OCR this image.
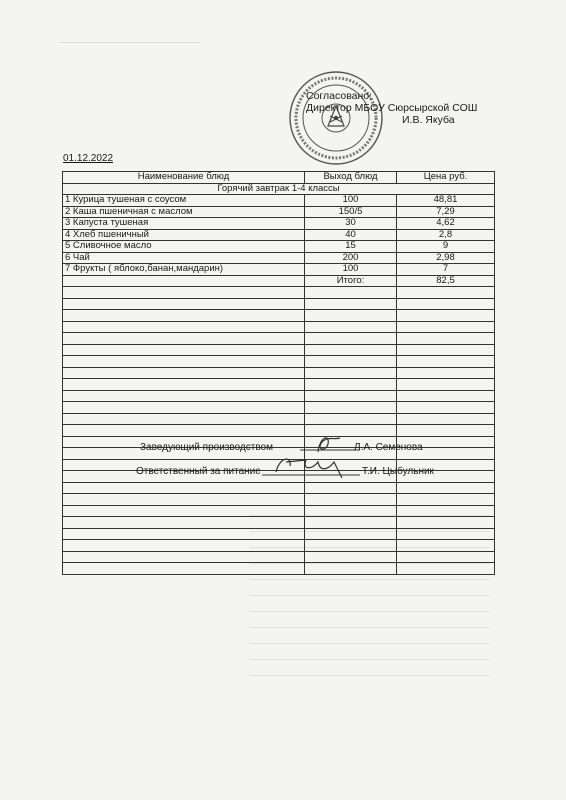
Согласовано:
Директор МБОУ Сюрсырской СОШ
И.В. Якуба
01.12.2022
Наименование блюд	Выход блюд	Цена руб.
Горячий завтрак 1-4 классы		
1 Курица тушеная с соусом	100	48,81
2 Каша пшеничная с маслом	150/5	7,29
3 Капуста тушеная	30	4,62
4 Хлеб пшеничный	40	2,8
5 Сливочное масло	15	9
6 Чай	200	2,98
7 Фрукты ( яблоко,банан,мандарин)	100	7
	Итого:	82,5

Заведующий производством	Л.А. Семенова
Ответственный за питание	Т.И. Цыбульник
